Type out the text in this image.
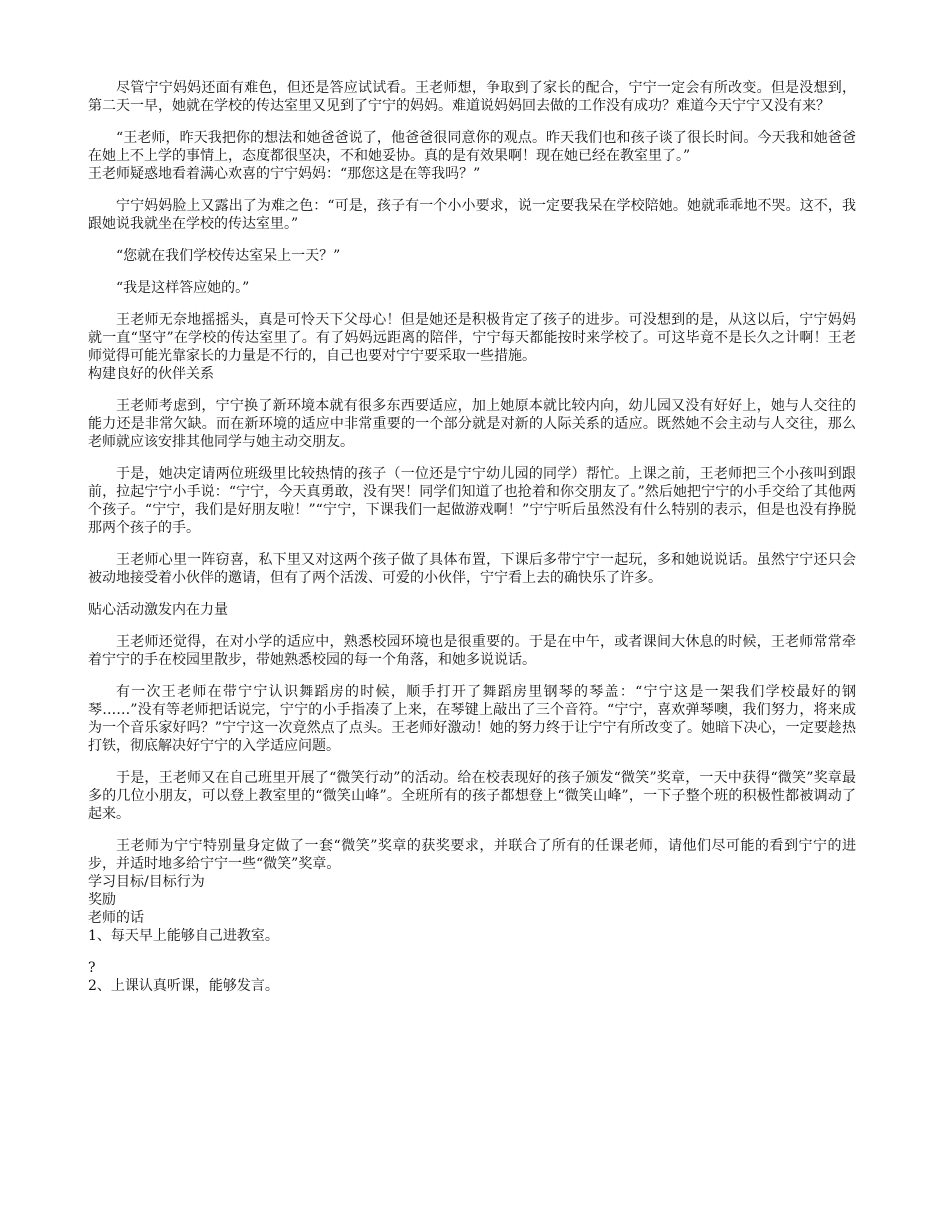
尽管宁宁妈妈还面有难色，但还是答应试试看。王老师想，争取到了家长的配合，宁宁一定会有所改变。但是没想到，第二天一早，她就在学校的传达室里又见到了宁宁的妈妈。难道说妈妈回去做的工作没有成功？难道今天宁宁又没有来？

“王老师，昨天我把你的想法和她爸爸说了，他爸爸很同意你的观点。昨天我们也和孩子谈了很长时间。今天我和她爸爸在她上不上学的事情上，态度都很坚决，不和她妥协。真的是有效果啊！现在她已经在教室里了。”

王老师疑惑地看着满心欢喜的宁宁妈妈：“那您这是在等我吗？”

宁宁妈妈脸上又露出了为难之色：“可是，孩子有一个小小要求，说一定要我呆在学校陪她。她就乖乖地不哭。这不，我跟她说我就坐在学校的传达室里。”

“您就在我们学校传达室呆上一天？”

“我是这样答应她的。”

王老师无奈地摇摇头，真是可怜天下父母心！但是她还是积极肯定了孩子的进步。可没想到的是，从这以后，宁宁妈妈就一直“坚守”在学校的传达室里了。有了妈妈远距离的陪伴，宁宁每天都能按时来学校了。可这毕竟不是长久之计啊！王老师觉得可能光靠家长的力量是不行的，自己也要对宁宁要采取一些措施。

构建良好的伙伴关系

王老师考虑到，宁宁换了新环境本就有很多东西要适应，加上她原本就比较内向，幼儿园又没有好好上，她与人交往的能力还是非常欠缺。而在新环境的适应中非常重要的一个部分就是对新的人际关系的适应。既然她不会主动与人交往，那么老师就应该安排其他同学与她主动交朋友。

于是，她决定请两位班级里比较热情的孩子（一位还是宁宁幼儿园的同学）帮忙。上课之前，王老师把三个小孩叫到跟前，拉起宁宁小手说：“宁宁，今天真勇敢，没有哭！同学们知道了也抢着和你交朋友了。”然后她把宁宁的小手交给了其他两个孩子。“宁宁，我们是好朋友啦！”“宁宁，下课我们一起做游戏啊！”宁宁听后虽然没有什么特别的表示，但是也没有挣脱那两个孩子的手。

王老师心里一阵窃喜，私下里又对这两个孩子做了具体布置，下课后多带宁宁一起玩，多和她说说话。虽然宁宁还只会被动地接受着小伙伴的邀请，但有了两个活泼、可爱的小伙伴，宁宁看上去的确快乐了许多。

贴心活动激发内在力量

王老师还觉得，在对小学的适应中，熟悉校园环境也是很重要的。于是在中午，或者课间大休息的时候，王老师常常牵着宁宁的手在校园里散步，带她熟悉校园的每一个角落，和她多说说话。

有一次王老师在带宁宁认识舞蹈房的时候，顺手打开了舞蹈房里钢琴的琴盖：“宁宁这是一架我们学校最好的钢琴……”没有等老师把话说完，宁宁的小手指凑了上来，在琴键上敲出了三个音符。“宁宁，喜欢弹琴噢，我们努力，将来成为一个音乐家好吗？”宁宁这一次竟然点了点头。王老师好激动！她的努力终于让宁宁有所改变了。她暗下决心，一定要趁热打铁，彻底解决好宁宁的入学适应问题。

于是，王老师又在自己班里开展了“微笑行动”的活动。给在校表现好的孩子颁发“微笑”奖章，一天中获得“微笑”奖章最多的几位小朋友，可以登上教室里的“微笑山峰”。全班所有的孩子都想登上“微笑山峰”，一下子整个班的积极性都被调动了起来。

王老师为宁宁特别量身定做了一套“微笑”奖章的获奖要求，并联合了所有的任课老师，请他们尽可能的看到宁宁的进步，并适时地多给宁宁一些“微笑”奖章。

学习目标/目标行为

奖励

老师的话

1、每天早上能够自己进教室。

?

2、上课认真听课，能够发言。
